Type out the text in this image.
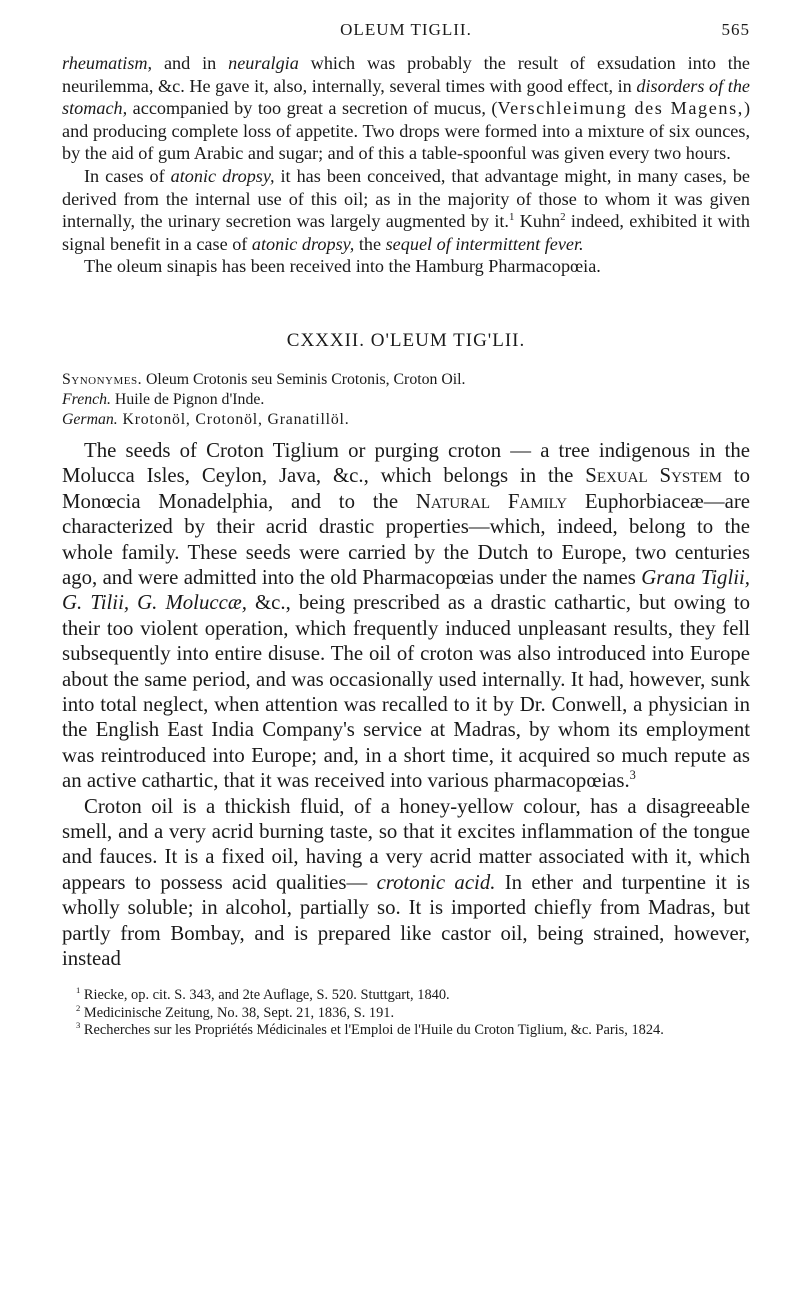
OLEUM TIGLII.	565

rheumatism, and in neuralgia which was probably the result of exsudation into the neurilemma, &c. He gave it, also, internally, several times with good effect, in disorders of the stomach, accompanied by too great a secretion of mucus, (Verschleimung des Magens,) and producing complete loss of appetite. Two drops were formed into a mixture of six ounces, by the aid of gum Arabic and sugar; and of this a table-spoonful was given every two hours.

In cases of atonic dropsy, it has been conceived, that advantage might, in many cases, be derived from the internal use of this oil; as in the majority of those to whom it was given internally, the urinary secretion was largely augmented by it.$^1$ Kuhn$^2$ indeed, exhibited it with signal benefit in a case of atonic dropsy, the sequel of intermittent fever.

The oleum sinapis has been received into the Hamburg Pharmacopœia.

CXXXII. O'LEUM TIG'LII.

Synonymes. Oleum Crotonis seu Seminis Crotonis, Croton Oil.

French. Huile de Pignon d'Inde.

German. Krotonöl, Crotonöl, Granatillöl.

The seeds of Croton Tiglium or purging croton — a tree indigenous in the Molucca Isles, Ceylon, Java, &c., which belongs in the Sexual System to Monœcia Monadelphia, and to the Natural Family Euphorbiaceæ—are characterized by their acrid drastic properties—which, indeed, belong to the whole family. These seeds were carried by the Dutch to Europe, two centuries ago, and were admitted into the old Pharmacopœias under the names Grana Tiglii, G. Tilii, G. Moluccæ, &c., being prescribed as a drastic cathartic, but owing to their too violent operation, which frequently induced unpleasant results, they fell subsequently into entire disuse. The oil of croton was also introduced into Europe about the same period, and was occasionally used internally. It had, however, sunk into total neglect, when attention was recalled to it by Dr. Conwell, a physician in the English East India Company's service at Madras, by whom its employment was reintroduced into Europe; and, in a short time, it acquired so much repute as an active cathartic, that it was received into various pharmacopœias.$^3$

Croton oil is a thickish fluid, of a honey-yellow colour, has a disagreeable smell, and a very acrid burning taste, so that it excites inflammation of the tongue and fauces. It is a fixed oil, having a very acrid matter associated with it, which appears to possess acid qualities— crotonic acid. In ether and turpentine it is wholly soluble; in alcohol, partially so. It is imported chiefly from Madras, but partly from Bombay, and is prepared like castor oil, being strained, however, instead

$^1$ Riecke, op. cit. S. 343, and 2te Auflage, S. 520. Stuttgart, 1840.

$^2$ Medicinische Zeitung, No. 38, Sept. 21, 1836, S. 191.

$^3$ Recherches sur les Propriétés Médicinales et l'Emploi de l'Huile du Croton Tiglium, &c. Paris, 1824.
